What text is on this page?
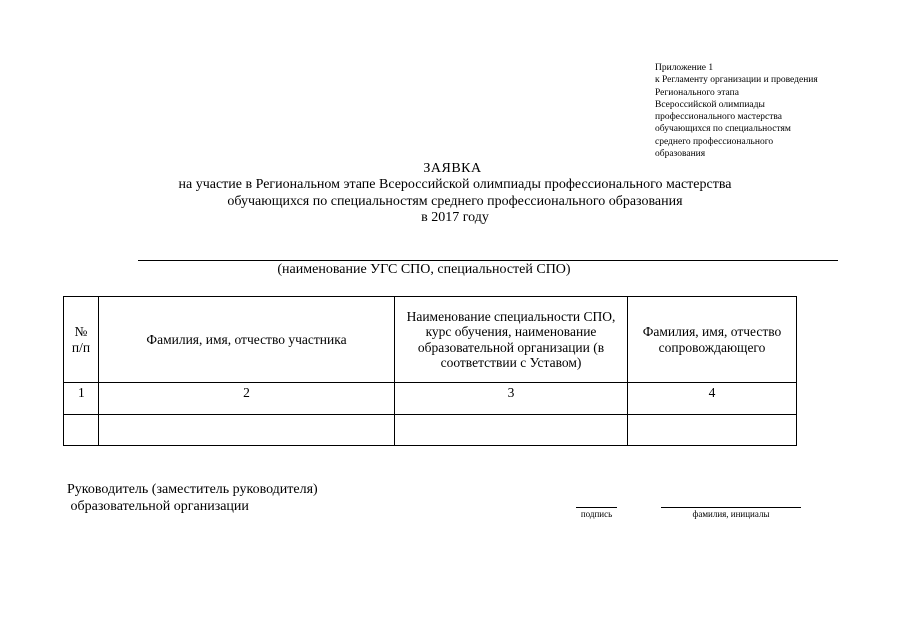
Приложение 1
к Регламенту организации и проведения
Регионального этапа
Всероссийской олимпиады
профессионального мастерства
обучающихся по специальностям
среднего профессионального
образования
ЗАЯВКА
на участие в Региональном этапе Всероссийской олимпиады профессионального мастерства
обучающихся по специальностям среднего профессионального образования
в 2017 году
(наименование УГС СПО, специальностей СПО)
№ п/п	Фамилия, имя, отчество участника	Наименование специальности СПО, курс обучения, наименование образовательной организации (в соответствии с Уставом)	Фамилия, имя, отчество сопровождающего
1	2	3	4

Руководитель (заместитель руководителя)
образовательной организации	подпись	фамилия, инициалы
